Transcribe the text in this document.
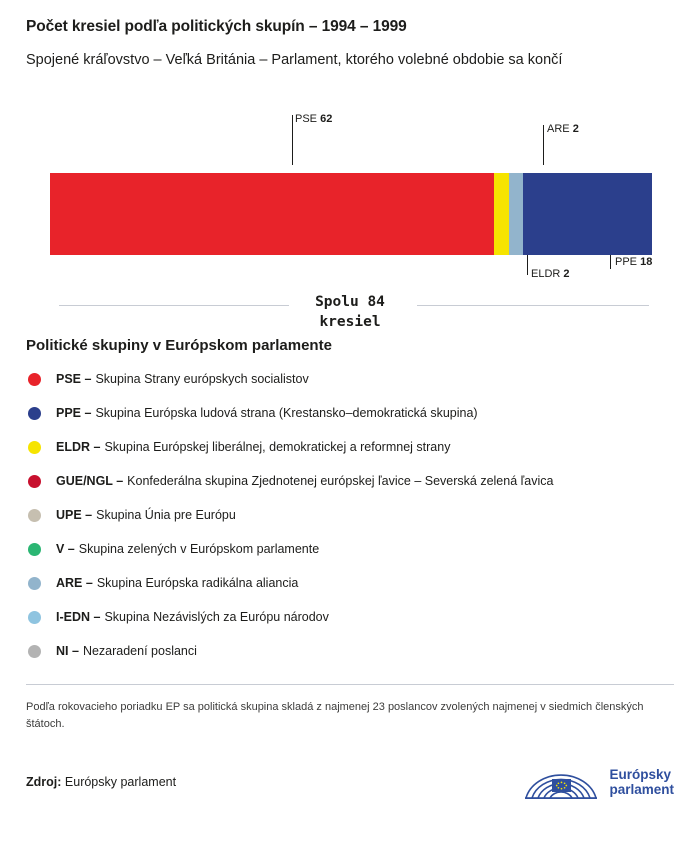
Počet kresiel podľa politických skupín – 1994 – 1999
Spojené kráľovstvo – Veľká Británia – Parlament, ktorého volebné obdobie sa končí
PSE 62
ARE 2
ELDR 2
PPE 18
Spolu 84
kresiel
Politické skupiny v Európskom parlamente
PSE – Skupina Strany európskych socialistov
PPE – Skupina Európska ludová strana (Krestansko–demokratická skupina)
ELDR – Skupina Európskej liberálnej, demokratickej a reformnej strany
GUE/NGL – Konfederálna skupina Zjednotenej európskej ľavice – Severská zelená ľavica
UPE – Skupina Únia pre Európu
V – Skupina zelených v Európskom parlamente
ARE – Skupina Európska radikálna aliancia
I-EDN – Skupina Nezávislých za Európu národov
NI – Nezaradení poslanci
Podľa rokovacieho poriadku EP sa politická skupina skladá z najmenej 23 poslancov zvolených najmenej v siedmich členských štátoch.
Zdroj: Európsky parlament
Európsky
parlament
